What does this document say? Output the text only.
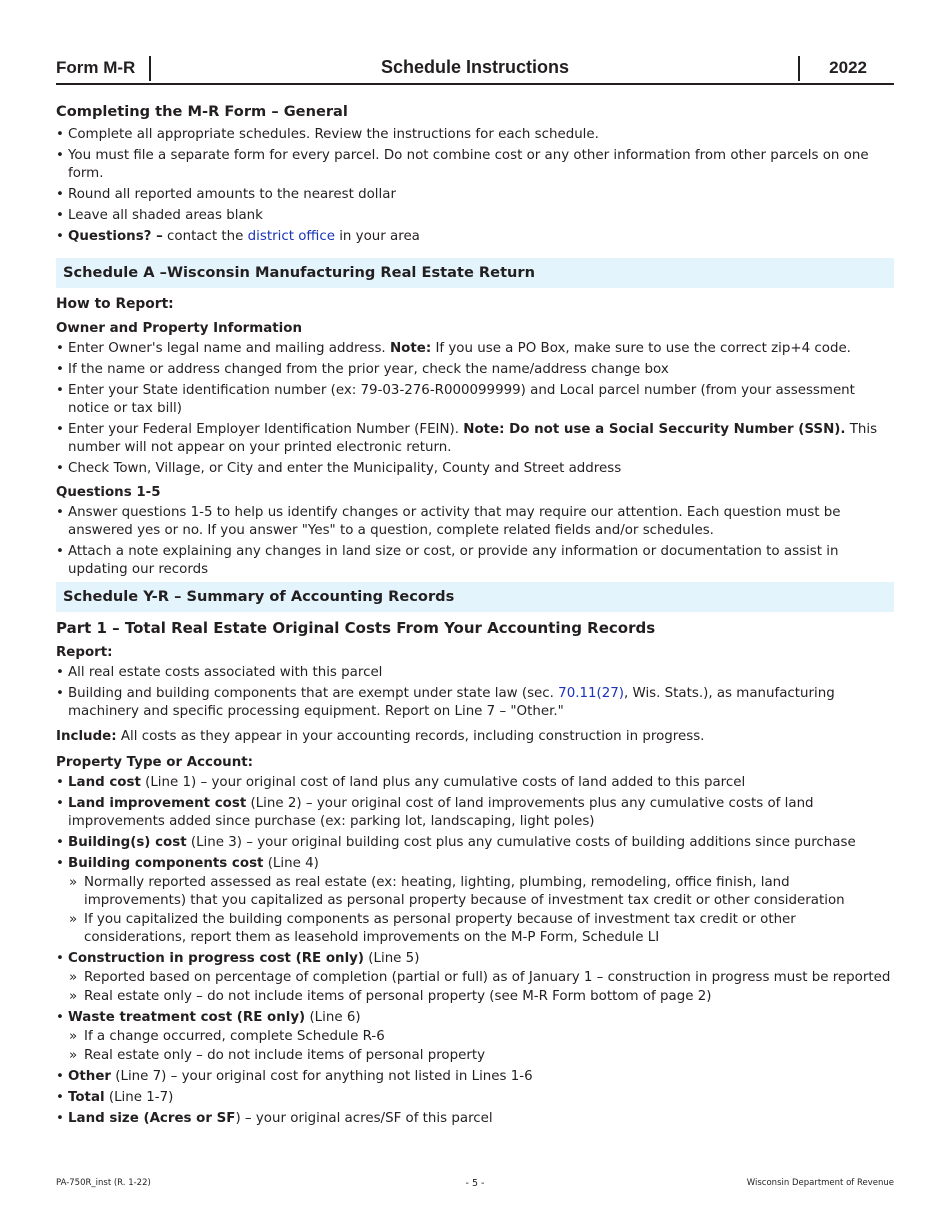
Form M-R	Schedule Instructions	2022
Completing the M-R Form – General
• Complete all appropriate schedules. Review the instructions for each schedule.
• You must file a separate form for every parcel. Do not combine cost or any other information from other parcels on one form.
• Round all reported amounts to the nearest dollar
• Leave all shaded areas blank
• Questions? – contact the district office in your area
Schedule A –Wisconsin Manufacturing Real Estate Return
How to Report:
Owner and Property Information
• Enter Owner's legal name and mailing address. Note: If you use a PO Box, make sure to use the correct zip+4 code.
• If the name or address changed from the prior year, check the name/address change box
• Enter your State identification number (ex: 79-03-276-R000099999) and Local parcel number (from your assessment notice or tax bill)
• Enter your Federal Employer Identification Number (FEIN). Note: Do not use a Social Seccurity Number (SSN). This number will not appear on your printed electronic return.
• Check Town, Village, or City and enter the Municipality, County and Street address
Questions 1-5
• Answer questions 1-5 to help us identify changes or activity that may require our attention. Each question must be answered yes or no. If you answer "Yes" to a question, complete related fields and/or schedules.
• Attach a note explaining any changes in land size or cost, or provide any information or documentation to assist in updating our records
Schedule Y-R – Summary of Accounting Records
Part 1 – Total Real Estate Original Costs From Your Accounting Records
Report:
• All real estate costs associated with this parcel
• Building and building components that are exempt under state law (sec. 70.11(27), Wis. Stats.), as manufacturing machinery and specific processing equipment. Report on Line 7 – "Other."

Include: All costs as they appear in your accounting records, including construction in progress.

Property Type or Account:
• Land cost (Line 1) – your original cost of land plus any cumulative costs of land added to this parcel
• Land improvement cost (Line 2) – your original cost of land improvements plus any cumulative costs of land improvements added since purchase (ex: parking lot, landscaping, light poles)
• Building(s) cost (Line 3) – your original building cost plus any cumulative costs of building additions since purchase
• Building components cost (Line 4)
» Normally reported assessed as real estate (ex: heating, lighting, plumbing, remodeling, office finish, land improvements) that you capitalized as personal property because of investment tax credit or other consideration
» If you capitalized the building components as personal property because of investment tax credit or other considerations, report them as leasehold improvements on the M-P Form, Schedule LI
• Construction in progress cost (RE only) (Line 5)
» Reported based on percentage of completion (partial or full) as of January 1 – construction in progress must be reported
» Real estate only – do not include items of personal property (see M-R Form bottom of page 2)
• Waste treatment cost (RE only) (Line 6)
» If a change occurred, complete Schedule R-6
» Real estate only – do not include items of personal property
• Other (Line 7) – your original cost for anything not listed in Lines 1-6
• Total (Line 1-7)
• Land size (Acres or SF) – your original acres/SF of this parcel
PA-750R_inst (R. 1-22)	- 5 -	Wisconsin Department of Revenue
